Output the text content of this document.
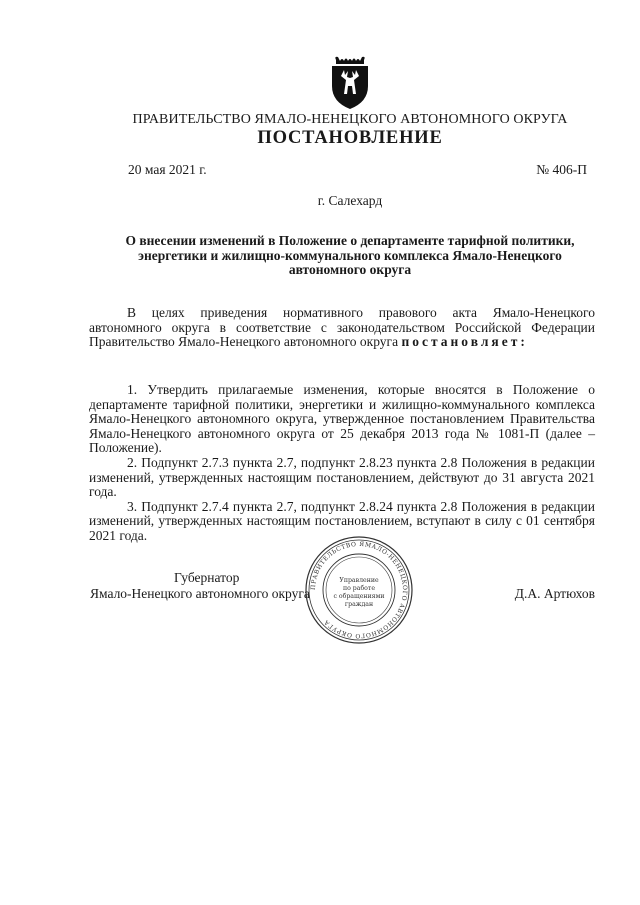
ПРАВИТЕЛЬСТВО ЯМАЛО-НЕНЕЦКОГО АВТОНОМНОГО ОКРУГА
ПОСТАНОВЛЕНИЕ
20 мая 2021 г.	№ 406-П
г. Салехард
О внесении изменений в Положение о департаменте тарифной политики, энергетики и жилищно-коммунального комплекса Ямало-Ненецкого автономного округа

В целях приведения нормативного правового акта Ямало-Ненецкого автономного округа в соответствие с законодательством Российской Федерации Правительство Ямало-Ненецкого автономного округа постановляет:

1. Утвердить прилагаемые изменения, которые вносятся в Положение о департаменте тарифной политики, энергетики и жилищно-коммунального комплекса Ямало-Ненецкого автономного округа, утвержденное постановлением Правительства Ямало-Ненецкого автономного округа от 25 декабря 2013 года № 1081-П (далее – Положение).

2. Подпункт 2.7.3 пункта 2.7, подпункт 2.8.23 пункта 2.8 Положения в редакции изменений, утвержденных настоящим постановлением, действуют до 31 августа 2021 года.

3. Подпункт 2.7.4 пункта 2.7, подпункт 2.8.24 пункта 2.8 Положения в редакции изменений, утвержденных настоящим постановлением, вступают в силу с 01 сентября 2021 года.

Губернатор
Ямало-Ненецкого автономного округа	Д.А. Артюхов
ПРАВИТЕЛЬСТВО ЯМАЛО-НЕНЕЦКОГО АВТОНОМНОГО ОКРУГА
Управление
по работе
с обращениями
граждан
